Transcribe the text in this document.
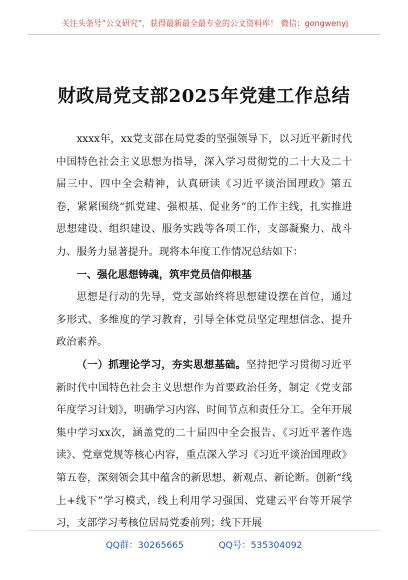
关注头条号“公文研究”，获得最新最全最专业的公文资料库！ 微信：gongwenyj
财政局党支部2025年党建工作总结

xxxx年，xx党支部在局党委的坚强领导下，以习近平新时代中国特色社会主义思想为指导，深入学习贯彻党的二十大及二十届三中、四中全会精神，认真研读《习近平谈治国理政》第五卷，紧紧围绕“抓党建、强根基、促业务”的工作主线，扎实推进思想建设、组织建设、服务实践等各项工作，支部凝聚力、战斗力、服务力显著提升。现将本年度工作情况总结如下：

一、强化思想铸魂，筑牢党员信仰根基

思想是行动的先导，党支部始终将思想建设摆在首位，通过多形式、多维度的学习教育，引导全体党员坚定理想信念、提升政治素养。

（一）抓理论学习，夯实思想基础。坚持把学习贯彻习近平新时代中国特色社会主义思想作为首要政治任务，制定《党支部年度学习计划》，明确学习内容、时间节点和责任分工。全年开展集中学习xx次，涵盖党的二十届四中全会报告、《习近平著作选读》、党章党规等核心内容，重点深入学习《习近平谈治国理政》第五卷，深刻领会其中蕴含的新思想、新观点、新论断。创新“线上+线下”学习模式，线上利用学习强国、党建云平台等开展学习，支部学习考核位居局党委前列；线下开展

QQ群：30265665	QQ号：535304092
